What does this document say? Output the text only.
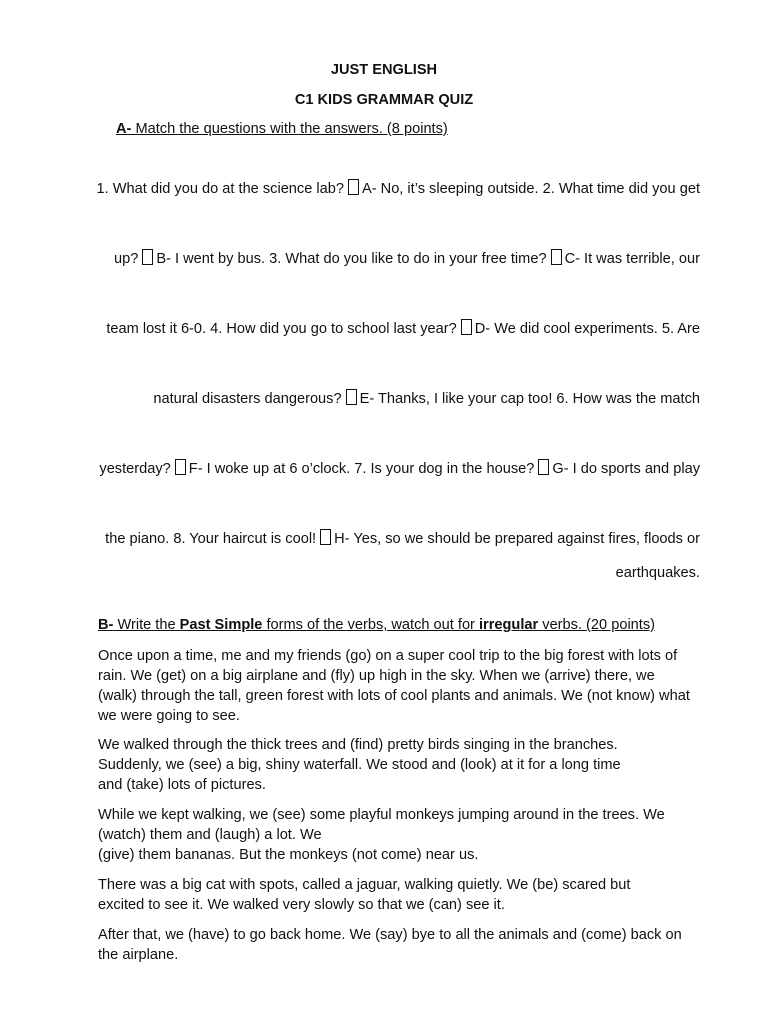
JUST ENGLISH
C1 KIDS GRAMMAR QUIZ
A- Match the questions with the answers. (8 points)
1. What did you do at the science lab? A- No, it’s sleeping outside. 2. What time did you get
up? B- I went by bus. 3. What do you like to do in your free time? C- It was terrible, our
team lost it 6-0. 4. How did you go to school last year? D- We did cool experiments. 5. Are
natural disasters dangerous? E- Thanks, I like your cap too! 6. How was the match
yesterday? F- I woke up at 6 o’clock. 7. Is your dog in the house? G- I do sports and play
the piano. 8. Your haircut is cool! H- Yes, so we should be prepared against fires, floods or
earthquakes.
B- Write the Past Simple forms of the verbs, watch out for irregular verbs. (20 points)
Once upon a time, me and my friends (go) on a super cool trip to the big forest with lots of
rain. We (get) on a big airplane and (fly) up high in the sky. When we (arrive) there, we
(walk) through the tall, green forest with lots of cool plants and animals. We (not know) what
we were going to see.
We walked through the thick trees and (find) pretty birds singing in the branches.
Suddenly, we (see) a big, shiny waterfall. We stood and (look) at it for a long time
and (take) lots of pictures.
While we kept walking, we (see) some playful monkeys jumping around in the trees. We
(watch) them and (laugh) a lot. We
(give) them bananas. But the monkeys (not come) near us.
There was a big cat with spots, called a jaguar, walking quietly. We (be) scared but
excited to see it. We walked very slowly so that we (can) see it.
After that, we (have) to go back home. We (say) bye to all the animals and (come) back on
the airplane.
